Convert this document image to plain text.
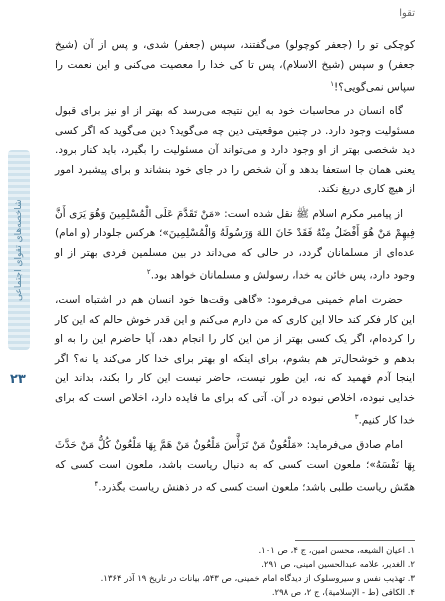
تقوا
شاخصه‌های تقوای اجتماعی
۲۳

کوچکی تو را (جعفر کوچولو) می‌گفتند، سپس (جعفر) شدی، و پس از آن (شیخ جعفر) و سپس (شیخ الاسلام)، پس تا کی خدا را معصیت می‌کنی و این نعمت را سپاس نمی‌گویی؟!$^۱$

گاه انسان در محاسبات خود به این نتیجه می‌رسد که بهتر از او نیز برای قبول مسئولیت وجود دارد. در چنین موقعیتی دین چه می‌گوید؟ دین می‌گوید که اگر کسی دید شخصی بهتر از او وجود دارد و می‌تواند آن مسئولیت را بگیرد، باید کنار برود. یعنی همان جا استعفا بدهد و آن شخص را در جای خود بنشاند و برای پیشبرد امور از هیچ کاری دریغ نکند.

از پیامبر مکرم اسلام ﷺ نقل شده است: «مَنْ تَقَدَّمَ عَلَى الْمُسْلِمِينَ وَهُوَ يَرَى أَنَّ فِيهِمْ مَنْ هُوَ أَفْضَلُ مِنْهُ فَقَدْ خَانَ اللهَ وَرَسُولَهُ وَالْمُسْلِمِينَ»؛ هرکس جلودار (و امام) عده‌ای از مسلمانان گردد، در حالی که می‌داند در بین مسلمین فردی بهتر از او وجود دارد، پس خائن به خدا، رسولش و مسلمانان خواهد بود.$^۲$

حضرت امام خمینی می‌فرمود: «گاهی وقت‌ها خود انسان هم در اشتباه است، این کار فکر کند حالا این کاری که من دارم می‌کنم و این قدر خوش حالم که این کار را کرده‌ام، اگر یک کسی بهتر از من این کار را انجام دهد، آیا حاضرم این را به او بدهم و خوشحال‌تر هم بشوم، برای اینکه او بهتر برای خدا کار می‌کند یا نه؟ اگر اینجا آدم فهمید که نه، این طور نیست، حاضر نیست این کار را بکند، بداند این خدایی نبوده، اخلاص نبوده در آن. آتی که برای ما فایده دارد، اخلاص است که برای خدا کار کنیم.$^۳$

امام صادق می‌فرماید: «مَلْعُونٌ مَنْ تَرَأَّسَ مَلْعُونٌ مَنْ هَمَّ بِهَا مَلْعُونٌ كُلُّ مَنْ حَدَّثَ بِهَا نَفْسَهُ»؛ ملعون است کسی که به دنبال ریاست باشد، ملعون است کسی که همّش ریاست طلبی باشد؛ ملعون است کسی که در ذهنش ریاست بگذرد.$^۴$

۱. اعیان الشیعه، محسن امین، ج ۴، ص ۱۰۱.
۲. الغدیر، علامه عبدالحسین امینی، ص ۲۹۱.
۳. تهذیب نفس و سیروسلوک از دیدگاه امام خمینی، ص ۵۴۳، بیانات در تاریخ ۱۹ آذر ۱۳۶۴.
۴. الکافی (ط - الإسلامیة)، ج ۲، ص ۲۹۸.
